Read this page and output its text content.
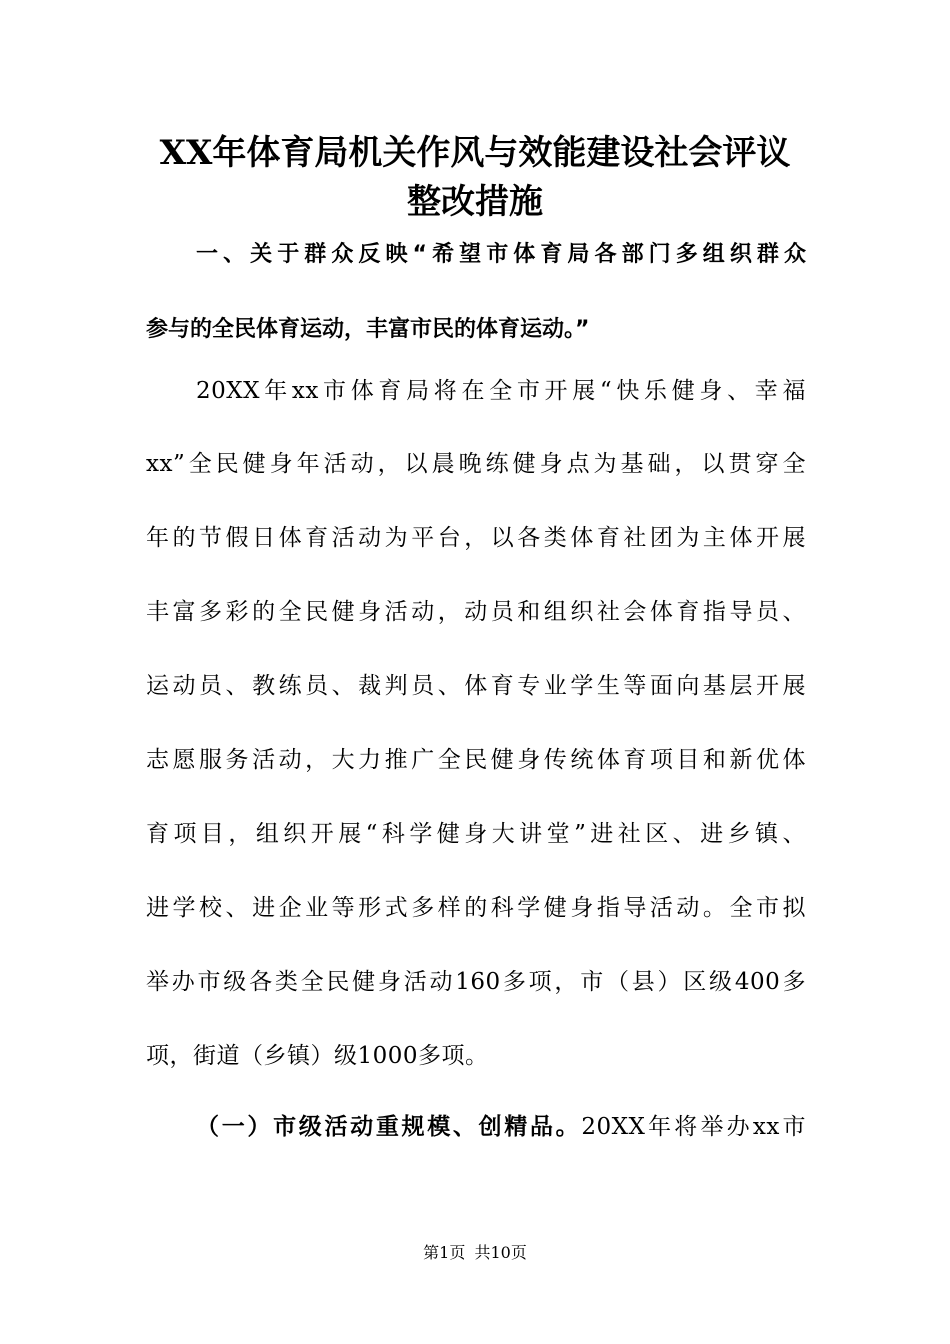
XX年体育局机关作风与效能建设社会评议
整改措施
一、关于群众反映“希望市体育局各部门多组织群众
参与的全民体育运动，丰富市民的体育运动。”
20XX年xx市体育局将在全市开展“快乐健身、幸福
xx”全民健身年活动，以晨晚练健身点为基础，以贯穿全
年的节假日体育活动为平台，以各类体育社团为主体开展
丰富多彩的全民健身活动，动员和组织社会体育指导员、
运动员、教练员、裁判员、体育专业学生等面向基层开展
志愿服务活动，大力推广全民健身传统体育项目和新优体
育项目，组织开展“科学健身大讲堂”进社区、进乡镇、
进学校、进企业等形式多样的科学健身指导活动。全市拟
举办市级各类全民健身活动160多项，市（县）区级400多
项，街道（乡镇）级1000多项。
（一）市级活动重规模、创精品。20XX年将举办xx市
第1页 共10页
